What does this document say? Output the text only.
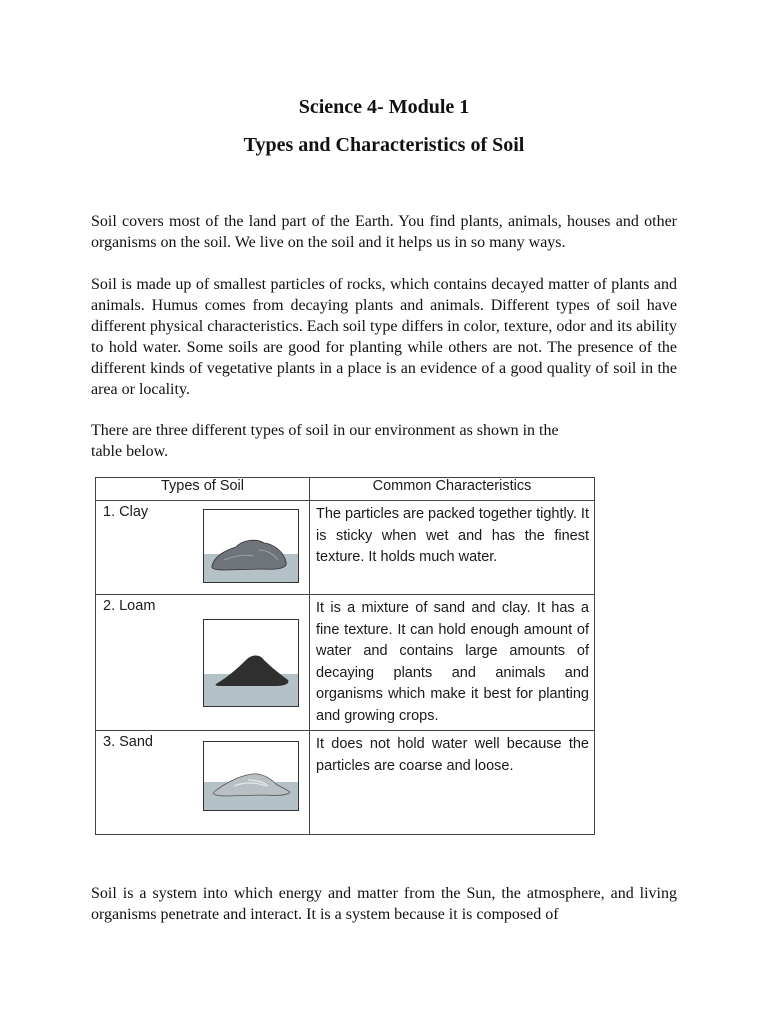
Science 4- Module 1
Types and Characteristics of Soil

Soil covers most of the land part of the Earth. You find plants, animals, houses and other organisms on the soil. We live on the soil and it helps us in so many ways.

Soil is made up of smallest particles of rocks, which contains decayed matter of plants and animals. Humus comes from decaying plants and animals. Different types of soil have different physical characteristics. Each soil type differs in color, texture, odor and its ability to hold water. Some soils are good for planting while others are not. The presence of the different kinds of vegetative plants in a place is an evidence of a good quality of soil in the area or locality.

There are three different types of soil in our environment as shown in the table below.

Types of Soil	Common Characteristics

1. Clay	The particles are packed together tightly. It is sticky when wet and has the finest texture. It holds much water.

2. Loam	It is a mixture of sand and clay. It has a fine texture. It can hold enough amount of water and contains large amounts of decaying plants and animals and organisms which make it best for planting and growing crops.

3. Sand	It does not hold water well because the particles are coarse and loose.

Soil is a system into which energy and matter from the Sun, the atmosphere, and living organisms penetrate and interact. It is a system because it is composed of
